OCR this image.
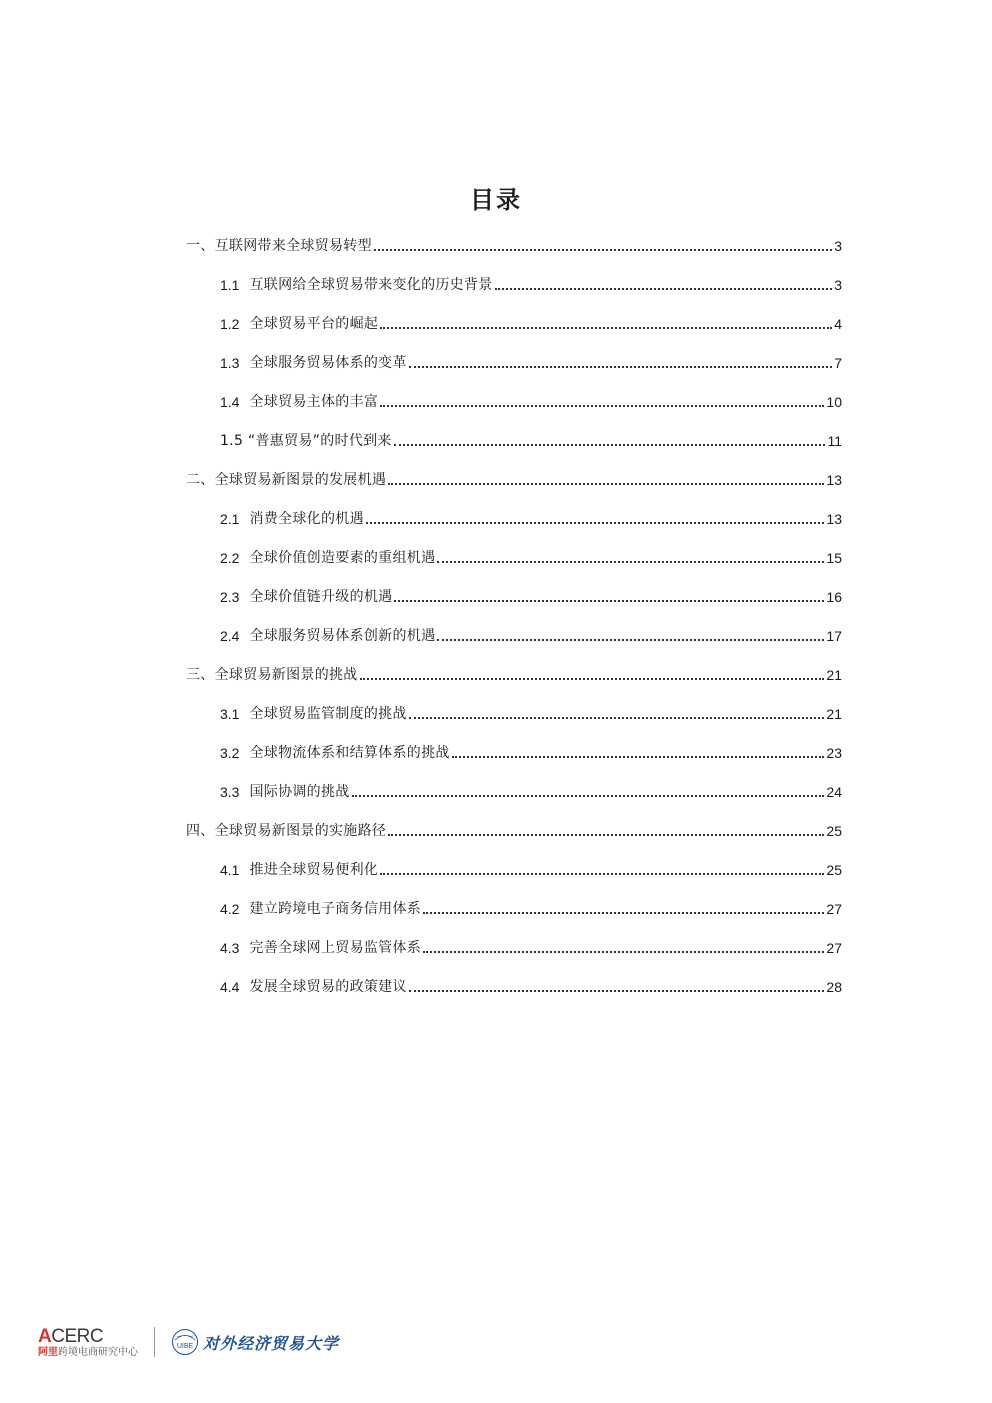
目录
一、互联网带来全球贸易转型	3
1.1 互联网给全球贸易带来变化的历史背景	3
1.2 全球贸易平台的崛起	4
1.3 全球服务贸易体系的变革	7
1.4 全球贸易主体的丰富	10
1.5 “普惠贸易”的时代到来	11
二、全球贸易新图景的发展机遇	13
2.1 消费全球化的机遇	13
2.2 全球价值创造要素的重组机遇	15
2.3 全球价值链升级的机遇	16
2.4 全球服务贸易体系创新的机遇	17
三、全球贸易新图景的挑战	21
3.1 全球贸易监管制度的挑战	21
3.2 全球物流体系和结算体系的挑战	23
3.3 国际协调的挑战	24
四、全球贸易新图景的实施路径	25
4.1 推进全球贸易便利化	25
4.2 建立跨境电子商务信用体系	27
4.3 完善全球网上贸易监管体系	27
4.4 发展全球贸易的政策建议	28
ACERC
阿里跨境电商研究中心	UIBE 对外经济贸易大学
